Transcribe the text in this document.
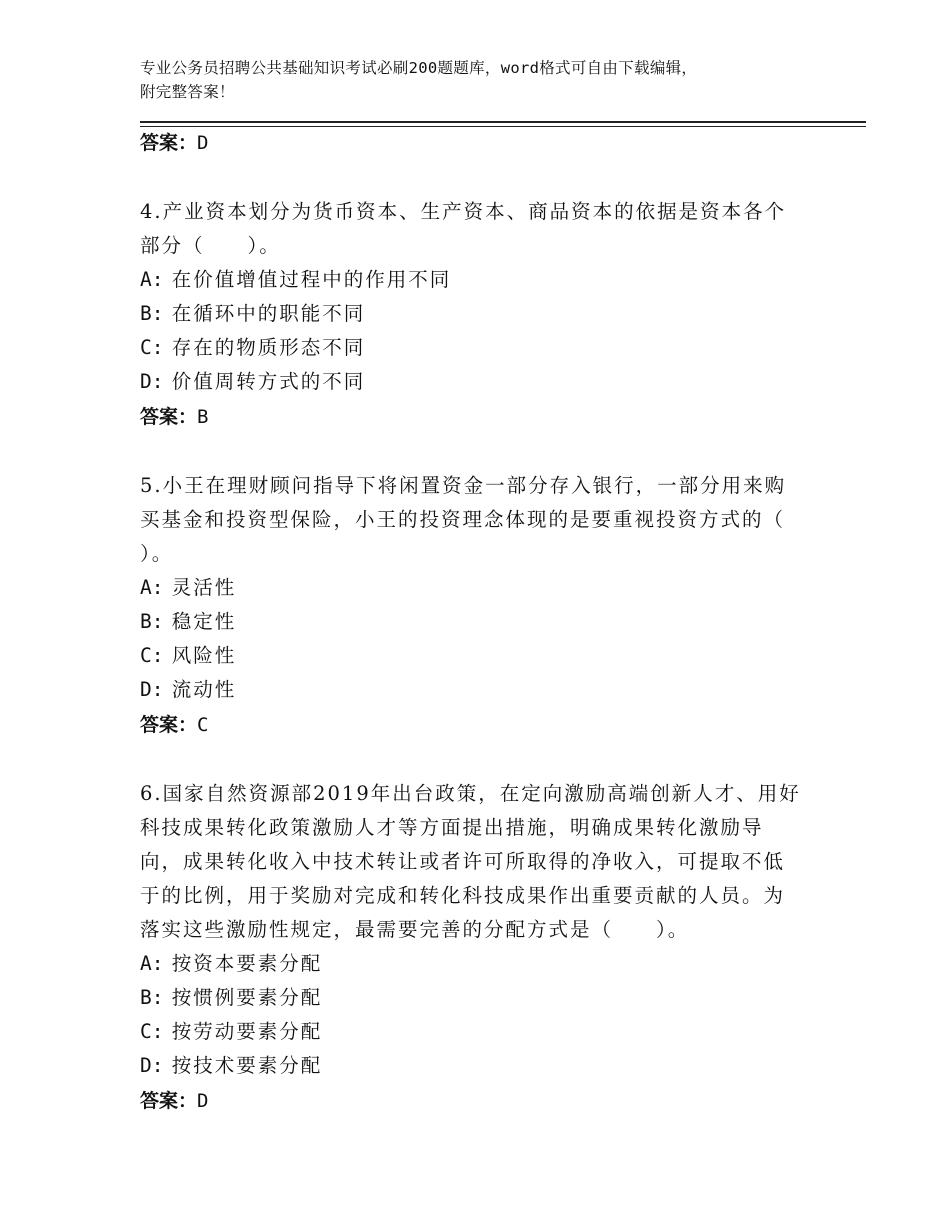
专业公务员招聘公共基础知识考试必刷200题题库，word格式可自由下载编辑，
附完整答案！
答案：D
4.产业资本划分为货币资本、生产资本、商品资本的依据是资本各个
部分（　　）。
A: 在价值增值过程中的作用不同
B: 在循环中的职能不同
C: 存在的物质形态不同
D: 价值周转方式的不同
答案：B
5.小王在理财顾问指导下将闲置资金一部分存入银行，一部分用来购
买基金和投资型保险，小王的投资理念体现的是要重视投资方式的（
）。
A: 灵活性
B: 稳定性
C: 风险性
D: 流动性
答案：C
6.国家自然资源部2019年出台政策，在定向激励高端创新人才、用好
科技成果转化政策激励人才等方面提出措施，明确成果转化激励导
向，成果转化收入中技术转让或者许可所取得的净收入，可提取不低
于的比例，用于奖励对完成和转化科技成果作出重要贡献的人员。为
落实这些激励性规定，最需要完善的分配方式是（　　）。
A: 按资本要素分配
B: 按惯例要素分配
C: 按劳动要素分配
D: 按技术要素分配
答案：D
